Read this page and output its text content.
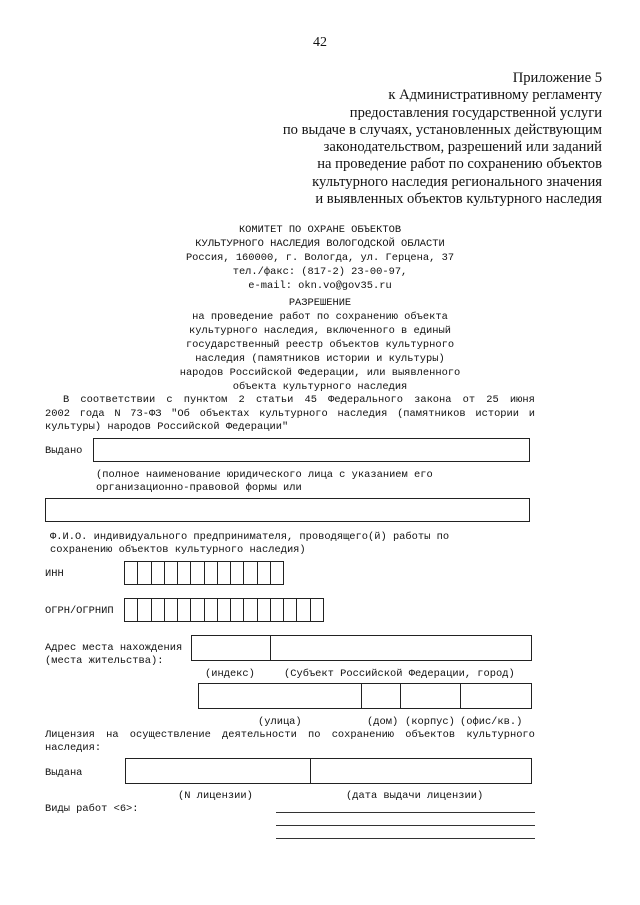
42
Приложение 5
к Административному регламенту
предоставления государственной услуги
по выдаче в случаях, установленных действующим
законодательством, разрешений или заданий
на проведение работ по сохранению объектов
культурного наследия регионального значения
и выявленных объектов культурного наследия
КОМИТЕТ ПО ОХРАНЕ ОБЪЕКТОВ
КУЛЬТУРНОГО НАСЛЕДИЯ ВОЛОГОДСКОЙ ОБЛАСТИ
Россия, 160000, г. Вологда, ул. Герцена, 37
тел./факс: (817-2) 23-00-97,
e-mail: okn.vo@gov35.ru
РАЗРЕШЕНИЕ
на проведение работ по сохранению объекта
культурного наследия, включенного в единый
государственный реестр объектов культурного
наследия (памятников истории и культуры)
народов Российской Федерации, или выявленного
объекта культурного наследия
В соответствии с пунктом 2 статьи 45 Федерального закона от 25 июня
2002 года N 73-ФЗ "Об объектах культурного наследия (памятников истории и
культуры) народов Российской Федерации"
Выдано
(полное наименование юридического лица с указанием его
организационно-правовой формы или
Ф.И.О. индивидуального предпринимателя, проводящего(й) работы по
сохранению объектов культурного наследия)
ИНН
ОГРН/ОГРНИП
Адрес места нахождения
(места жительства):
(индекс)	(Субъект Российской Федерации, город)
(улица)	(дом) (корпус) (офис/кв.)
Лицензия на осуществление деятельности по сохранению объектов культурного
наследия:
Выдана
(N лицензии)	(дата выдачи лицензии)
Виды работ <6>:
